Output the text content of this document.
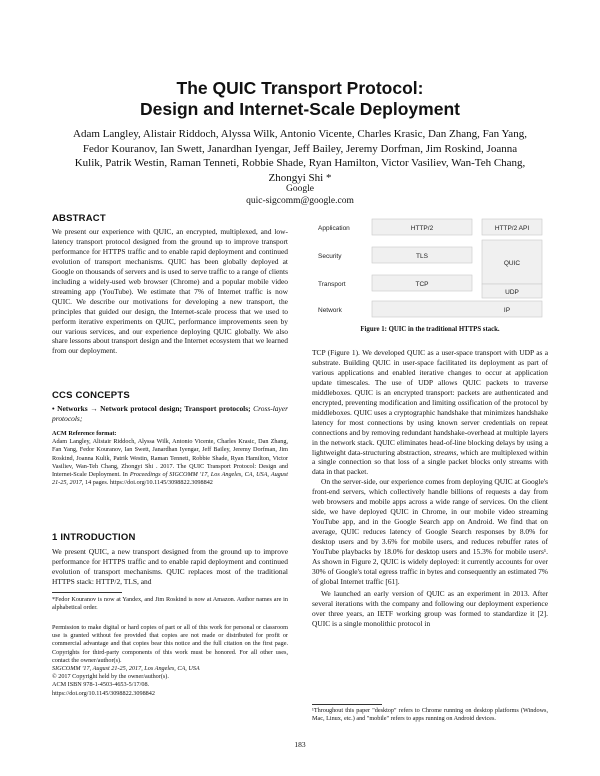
The QUIC Transport Protocol:
Design and Internet-Scale Deployment
Adam Langley, Alistair Riddoch, Alyssa Wilk, Antonio Vicente, Charles Krasic, Dan Zhang, Fan Yang, Fedor Kouranov, Ian Swett, Janardhan Iyengar, Jeff Bailey, Jeremy Dorfman, Jim Roskind, Joanna Kulik, Patrik Westin, Raman Tenneti, Robbie Shade, Ryan Hamilton, Victor Vasiliev, Wan-Teh Chang, Zhongyi Shi *
Google
quic-sigcomm@google.com
ABSTRACT

We present our experience with QUIC, an encrypted, multiplexed, and low-latency transport protocol designed from the ground up to improve transport performance for HTTPS traffic and to enable rapid deployment and continued evolution of transport mechanisms. QUIC has been globally deployed at Google on thousands of servers and is used to serve traffic to a range of clients including a widely-used web browser (Chrome) and a popular mobile video streaming app (YouTube). We estimate that 7% of Internet traffic is now QUIC. We describe our motivations for developing a new transport, the principles that guided our design, the Internet-scale process that we used to perform iterative experiments on QUIC, performance improvements seen by our various services, and our experience deploying QUIC globally. We also share lessons about transport design and the Internet ecosystem that we learned from our deployment.

CCS CONCEPTS

• Networks → Network protocol design; Transport protocols; Cross-layer protocols;

ACM Reference format:

Adam Langley, Alistair Riddoch, Alyssa Wilk, Antonio Vicente, Charles Krasic, Dan Zhang, Fan Yang, Fedor Kouranov, Ian Swett, Janardhan Iyengar, Jeff Bailey, Jeremy Dorfman, Jim Roskind, Joanna Kulik, Patrik Westin, Raman Tenneti, Robbie Shade, Ryan Hamilton, Victor Vasiliev, Wan-Teh Chang, Zhongyi Shi . 2017. The QUIC Transport Protocol: Design and Internet-Scale Deployment. In Proceedings of SIGCOMM '17, Los Angeles, CA, USA, August 21-25, 2017, 14 pages. https://doi.org/10.1145/3098822.3098842

1 INTRODUCTION

We present QUIC, a new transport designed from the ground up to improve performance for HTTPS traffic and to enable rapid deployment and continued evolution of transport mechanisms. QUIC replaces most of the traditional HTTPS stack: HTTP/2, TLS, and

*Fedor Kouranov is now at Yandex, and Jim Roskind is now at Amazon. Author names are in alphabetical order.

Permission to make digital or hard copies of part or all of this work for personal or classroom use is granted without fee provided that copies are not made or distributed for profit or commercial advantage and that copies bear this notice and the full citation on the first page. Copyrights for third-party components of this work must be honored. For all other uses, contact the owner/author(s).

SIGCOMM '17, August 21-25, 2017, Los Angeles, CA, USA
© 2017 Copyright held by the owner/author(s).
ACM ISBN 978-1-4503-4653-5/17/08.
https://doi.org/10.1145/3098822.3098842
Application
Security
Transport
Network
HTTP/2
TLS
TCP
IP
HTTP/2 API
QUIC
UDP
Figure 1: QUIC in the traditional HTTPS stack.

TCP (Figure 1). We developed QUIC as a user-space transport with UDP as a substrate. Building QUIC in user-space facilitated its deployment as part of various applications and enabled iterative changes to occur at application update timescales. The use of UDP allows QUIC packets to traverse middleboxes. QUIC is an encrypted transport: packets are authenticated and encrypted, preventing modification and limiting ossification of the protocol by middleboxes. QUIC uses a cryptographic handshake that minimizes handshake latency for most connections by using known server credentials on repeat connections and by removing redundant handshake-overhead at multiple layers in the network stack. QUIC eliminates head-of-line blocking delays by using a lightweight data-structuring abstraction, streams, which are multiplexed within a single connection so that loss of a single packet blocks only streams with data in that packet.

On the server-side, our experience comes from deploying QUIC at Google's front-end servers, which collectively handle billions of requests a day from web browsers and mobile apps across a wide range of services. On the client side, we have deployed QUIC in Chrome, in our mobile video streaming YouTube app, and in the Google Search app on Android. We find that on average, QUIC reduces latency of Google Search responses by 8.0% for desktop users and by 3.6% for mobile users, and reduces rebuffer rates of YouTube playbacks by 18.0% for desktop users and 15.3% for mobile users¹. As shown in Figure 2, QUIC is widely deployed: it currently accounts for over 30% of Google's total egress traffic in bytes and consequently an estimated 7% of global Internet traffic [61].

We launched an early version of QUIC as an experiment in 2013. After several iterations with the company and following our deployment experience over three years, an IETF working group was formed to standardize it [2]. QUIC is a single monolithic protocol in

¹Throughout this paper "desktop" refers to Chrome running on desktop platforms (Windows, Mac, Linux, etc.) and "mobile" refers to apps running on Android devices.
183
